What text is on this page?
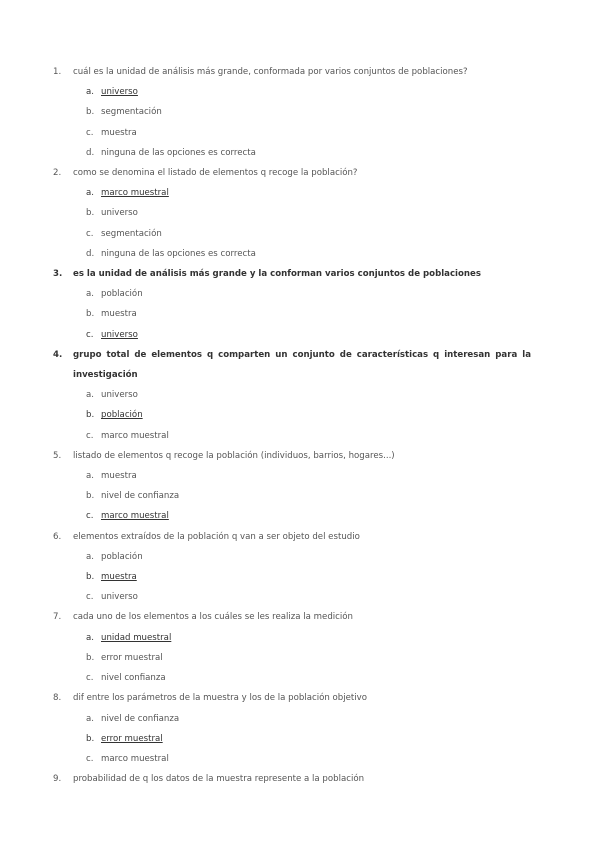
1. cuál es la unidad de análisis más grande, conformada por varios conjuntos de poblaciones?
a. universo
b. segmentación
c. muestra
d. ninguna de las opciones es correcta
2. como se denomina el listado de elementos q recoge la población?
a. marco muestral
b. universo
c. segmentación
d. ninguna de las opciones es correcta
3. es la unidad de análisis más grande y la conforman varios conjuntos de poblaciones
a. población
b. muestra
c. universo
4. grupo total de elementos q comparten un conjunto de características q interesan para la investigación
a. universo
b. población
c. marco muestral
5. listado de elementos q recoge la población (individuos, barrios, hogares...)
a. muestra
b. nivel de confianza
c. marco muestral
6. elementos extraídos de la población q van a ser objeto del estudio
a. población
b. muestra
c. universo
7. cada uno de los elementos a los cuáles se les realiza la medición
a. unidad muestral
b. error muestral
c. nivel confianza
8. dif entre los parámetros de la muestra y los de la población objetivo
a. nivel de confianza
b. error muestral
c. marco muestral
9. probabilidad de q los datos de la muestra represente a la población
